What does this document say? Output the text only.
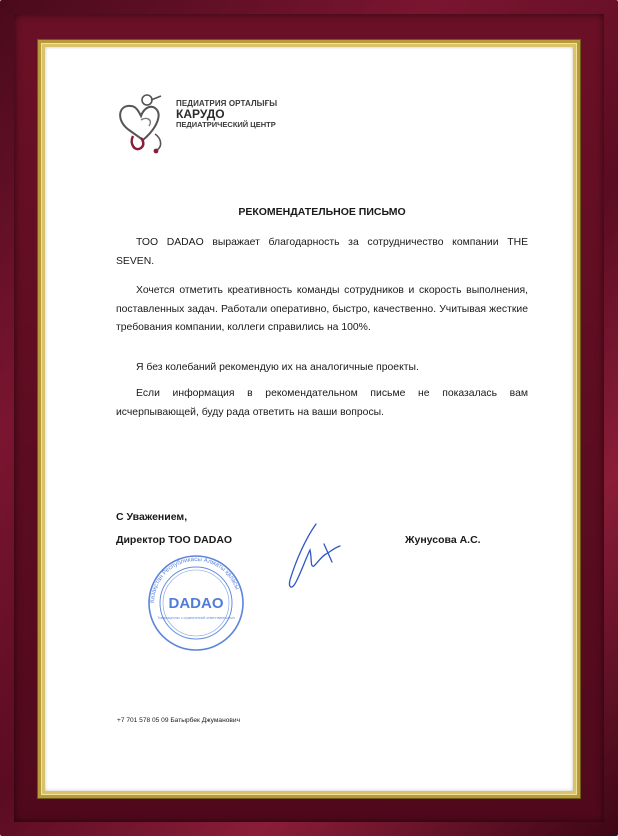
ПЕДИАТРИЯ ОРТАЛЫҒЫ
КАРУДО
ПЕДИАТРИЧЕСКИЙ ЦЕНТР
РЕКОМЕНДАТЕЛЬНОЕ ПИСЬМО

ТОО DADAO выражает благодарность за сотрудничество компании THE SEVEN.

Хочется отметить креативность команды сотрудников и скорость выполнения, поставленных задач. Работали оперативно, быстро, качественно. Учитывая жесткие требования компании, коллеги справились на 100%.

Я без колебаний рекомендую их на аналогичные проекты.

Если информация в рекомендательном письме не показалась вам исчерпывающей, буду рада ответить на ваши вопросы.

С Уважением,
Директор ТОО DADAO	Жунусова А.С.
Казақстан Республикасы Алматы қаласы
DADAO
Товарищество с ограниченной ответственностью
+7 701 578 05 09 Батырбек Джуманович
